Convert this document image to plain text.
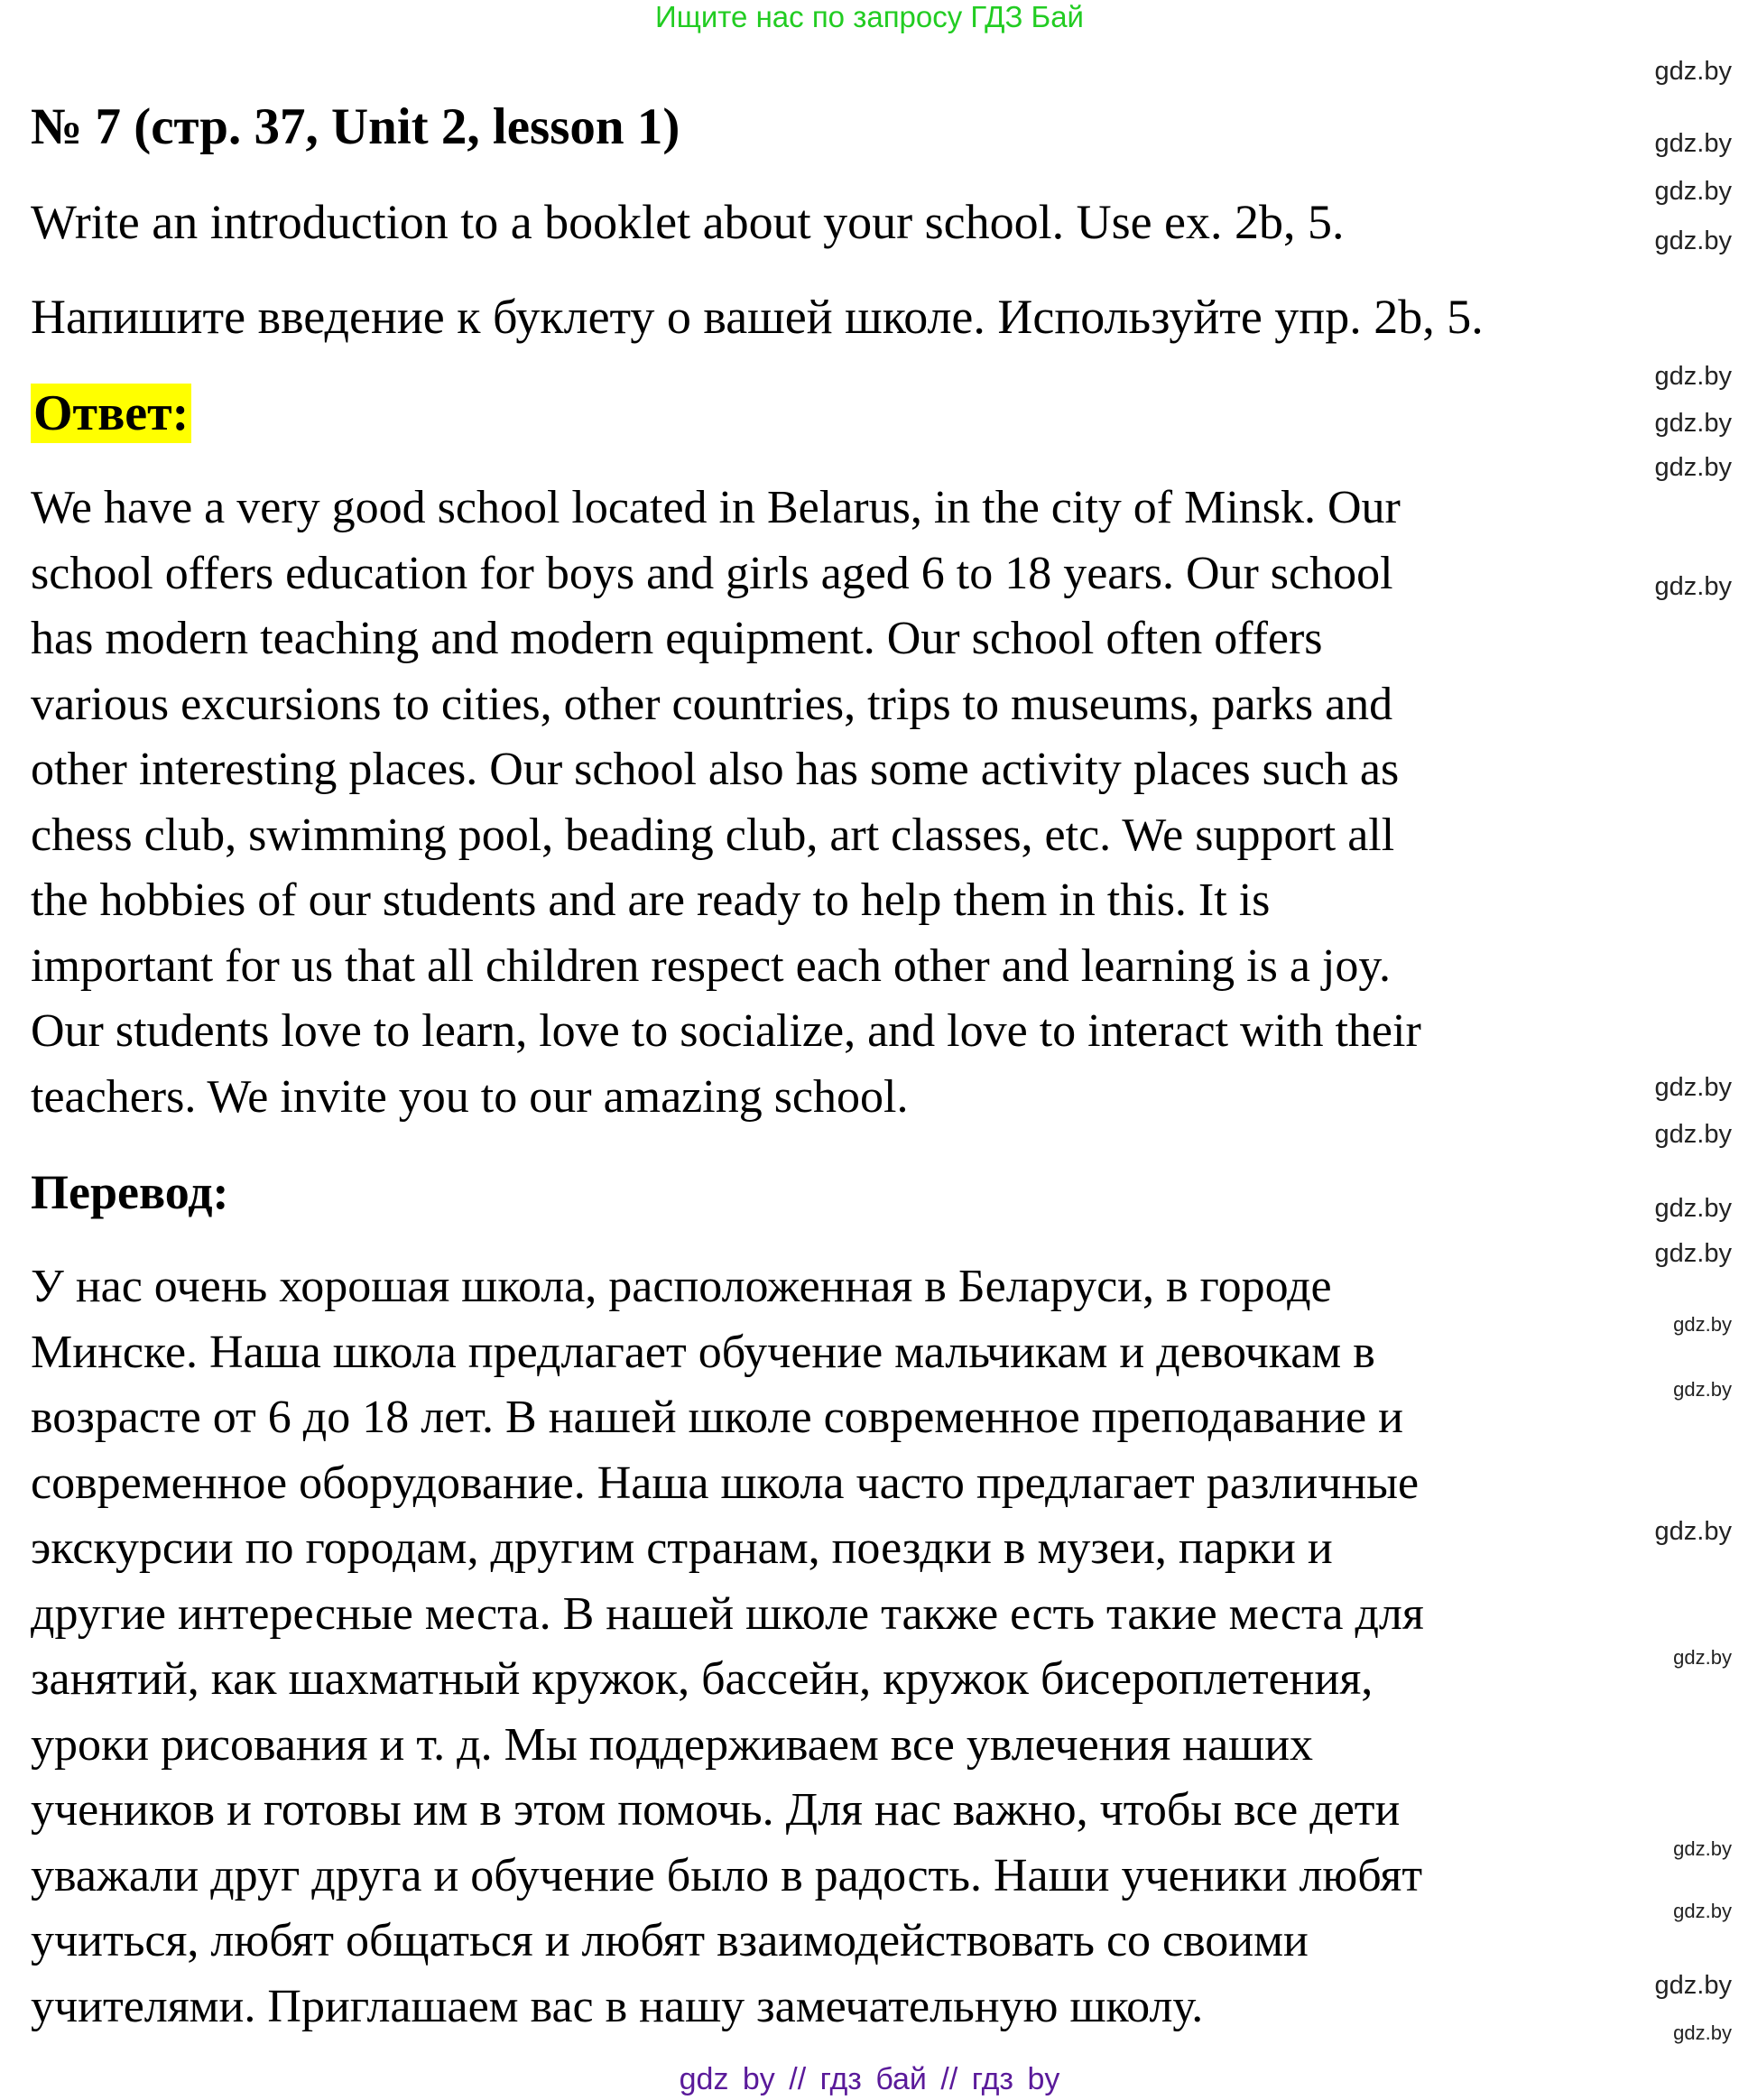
Ищите нас по запросу ГДЗ Бай
№ 7 (стр. 37, Unit 2, lesson 1)
Write an introduction to a booklet about your school. Use ex. 2b, 5.
Напишите введение к буклету о вашей школе. Используйте упр. 2b, 5.
Ответ:
We have a very good school located in Belarus, in the city of Minsk. Our
school offers education for boys and girls aged 6 to 18 years. Our school
has modern teaching and modern equipment. Our school often offers
various excursions to cities, other countries, trips to museums, parks and
other interesting places. Our school also has some activity places such as
chess club, swimming pool, beading club, art classes, etc. We support all
the hobbies of our students and are ready to help them in this. It is
important for us that all children respect each other and learning is a joy.
Our students love to learn, love to socialize, and love to interact with their
teachers. We invite you to our amazing school.
Перевод:
У нас очень хорошая школа, расположенная в Беларуси, в городе
Минске. Наша школа предлагает обучение мальчикам и девочкам в
возрасте от 6 до 18 лет. В нашей школе современное преподавание и
современное оборудование. Наша школа часто предлагает различные
экскурсии по городам, другим странам, поездки в музеи, парки и
другие интересные места. В нашей школе также есть такие места для
занятий, как шахматный кружок, бассейн, кружок бисероплетения,
уроки рисования и т. д. Мы поддерживаем все увлечения наших
учеников и готовы им в этом помочь. Для нас важно, чтобы все дети
уважали друг друга и обучение было в радость. Наши ученики любят
учиться, любят общаться и любят взаимодействовать со своими
учителями. Приглашаем вас в нашу замечательную школу.
gdz.by
gdz.by
gdz.by
gdz.by
gdz.by
gdz.by
gdz.by
gdz.by
gdz.by
gdz.by
gdz.by
gdz.by
gdz.by
gdz.by
gdz.by
gdz.by
gdz.by
gdz.by
gdz.by
gdz.by
gdz by // гдз бай // гдз by
